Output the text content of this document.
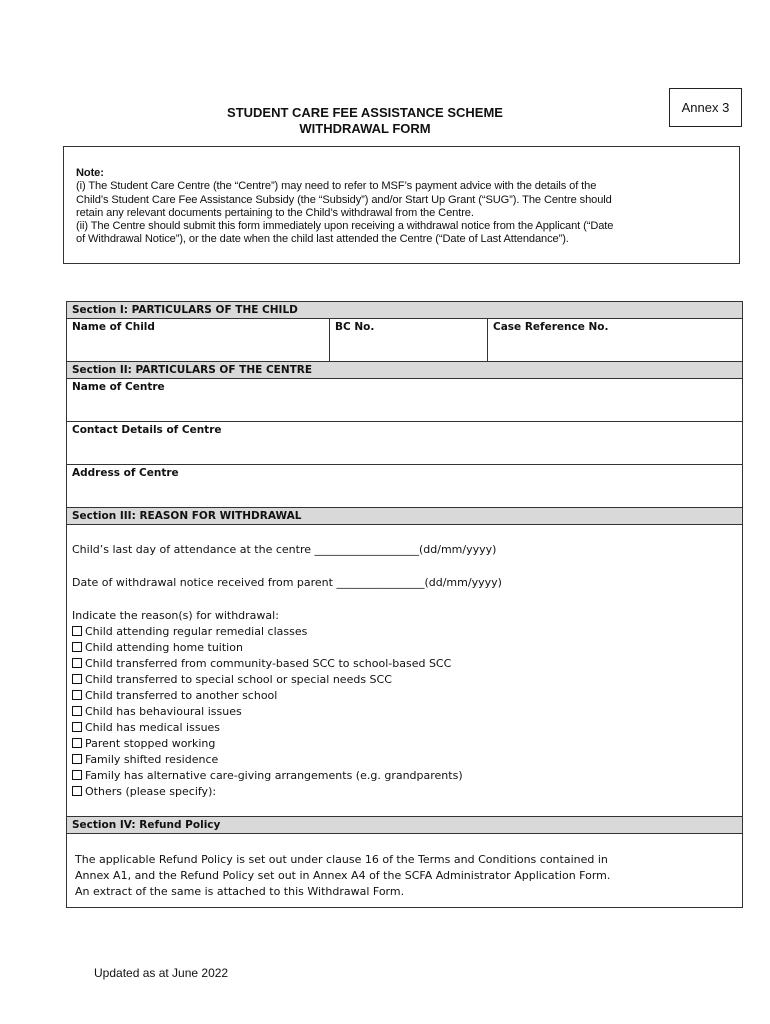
Annex 3
STUDENT CARE FEE ASSISTANCE SCHEME
WITHDRAWAL FORM
Note:
(i) The Student Care Centre (the “Centre”) may need to refer to MSF’s payment advice with the details of the
Child’s Student Care Fee Assistance Subsidy (the “Subsidy”) and/or Start Up Grant (“SUG”). The Centre should
retain any relevant documents pertaining to the Child’s withdrawal from the Centre.
(ii) The Centre should submit this form immediately upon receiving a withdrawal notice from the Applicant (“Date
of Withdrawal Notice”), or the date when the child last attended the Centre (“Date of Last Attendance”).
Section I: PARTICULARS OF THE CHILD
Name of Child	BC No.	Case Reference No.
Section II: PARTICULARS OF THE CENTRE
Name of Centre
Contact Details of Centre
Address of Centre
Section III: REASON FOR WITHDRAWAL
Child’s last day of attendance at the centre ___________________(dd/mm/yyyy)
Date of withdrawal notice received from parent ________________(dd/mm/yyyy)
Indicate the reason(s) for withdrawal:
Child attending regular remedial classes
Child attending home tuition
Child transferred from community-based SCC to school-based SCC
Child transferred to special school or special needs SCC
Child transferred to another school
Child has behavioural issues
Child has medical issues
Parent stopped working
Family shifted residence
Family has alternative care-giving arrangements (e.g. grandparents)
Others (please specify):
Section IV: Refund Policy
The applicable Refund Policy is set out under clause 16 of the Terms and Conditions contained in
Annex A1, and the Refund Policy set out in Annex A4 of the SCFA Administrator Application Form.
An extract of the same is attached to this Withdrawal Form.
Updated as at June 2022
